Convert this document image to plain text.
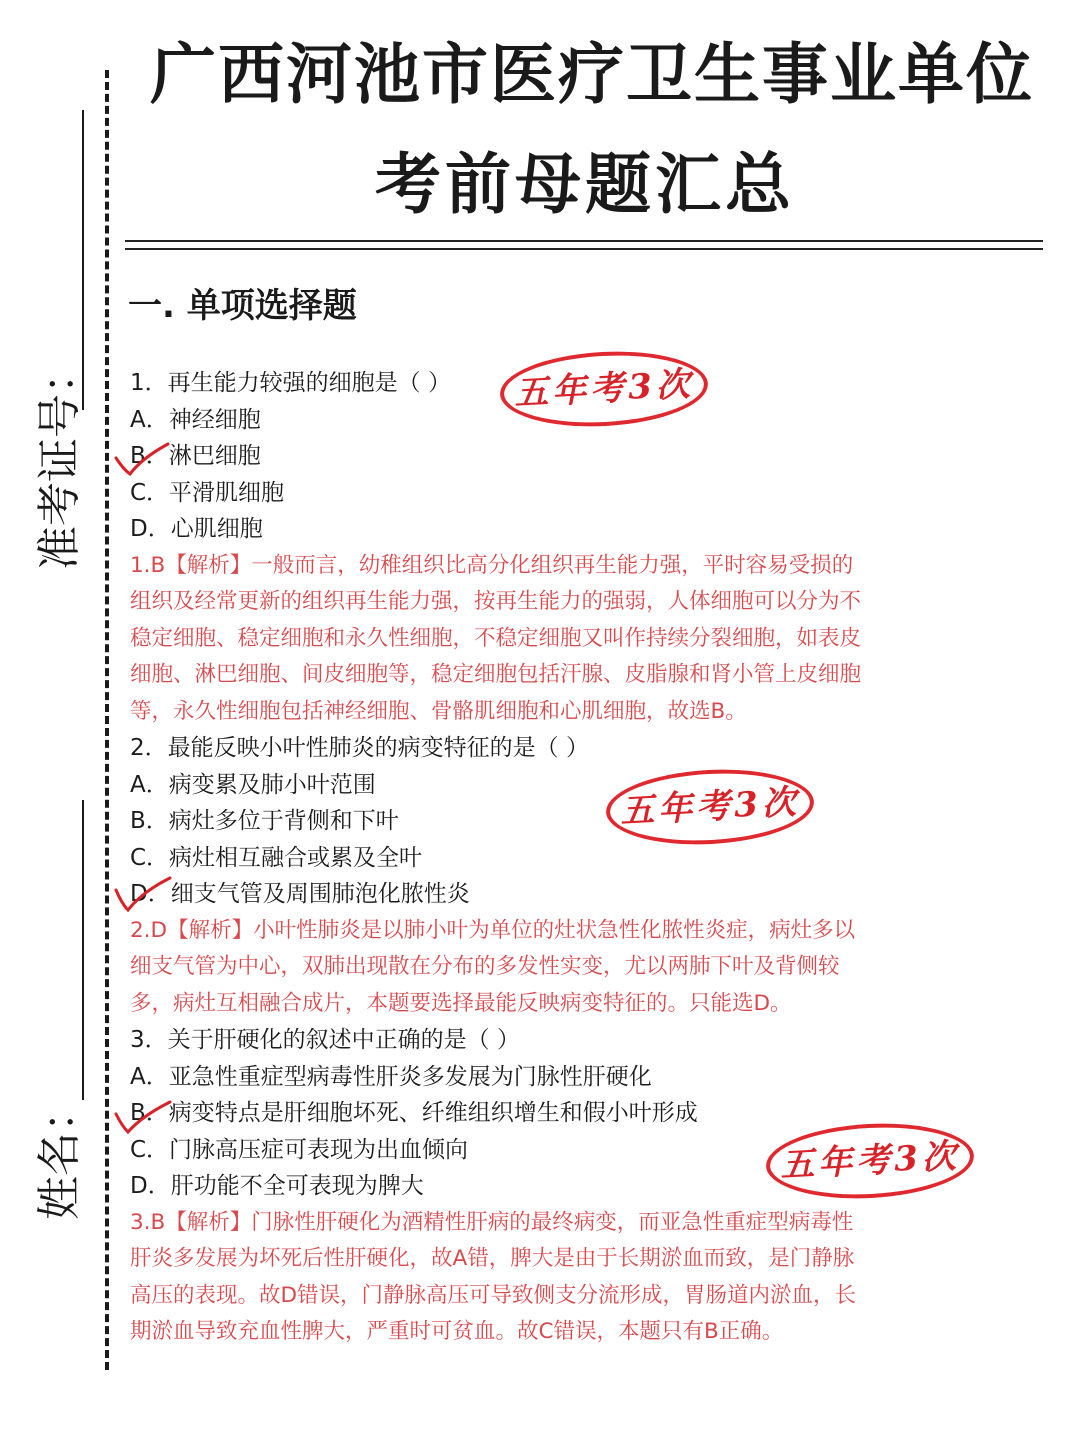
准考证号：
姓名：
广西河池市医疗卫生事业单位
考前母题汇总
一. 单项选择题
1．再生能力较强的细胞是（ ）
A．神经细胞
B．淋巴细胞
C．平滑肌细胞
D．心肌细胞
1.B【解析】一般而言，幼稚组织比高分化组织再生能力强，平时容易受损的
组织及经常更新的组织再生能力强，按再生能力的强弱，人体细胞可以分为不
稳定细胞、稳定细胞和永久性细胞，不稳定细胞又叫作持续分裂细胞，如表皮
细胞、淋巴细胞、间皮细胞等，稳定细胞包括汗腺、皮脂腺和肾小管上皮细胞
等，永久性细胞包括神经细胞、骨骼肌细胞和心肌细胞，故选B。
2．最能反映小叶性肺炎的病变特征的是（ ）
A．病变累及肺小叶范围
B．病灶多位于背侧和下叶
C．病灶相互融合或累及全叶
D．细支气管及周围肺泡化脓性炎
2.D【解析】小叶性肺炎是以肺小叶为单位的灶状急性化脓性炎症，病灶多以
细支气管为中心，双肺出现散在分布的多发性实变，尤以两肺下叶及背侧较
多，病灶互相融合成片，本题要选择最能反映病变特征的。只能选D。
3．关于肝硬化的叙述中正确的是（ ）
A．亚急性重症型病毒性肝炎多发展为门脉性肝硬化
B．病变特点是肝细胞坏死、纤维组织增生和假小叶形成
C．门脉高压症可表现为出血倾向
D．肝功能不全可表现为脾大
3.B【解析】门脉性肝硬化为酒精性肝病的最终病变，而亚急性重症型病毒性
肝炎多发展为坏死后性肝硬化，故A错，脾大是由于长期淤血而致，是门静脉
高压的表现。故D错误，门静脉高压可导致侧支分流形成，胃肠道内淤血，长
期淤血导致充血性脾大，严重时可贫血。故C错误，本题只有B正确。
五年考3次
五年考3次
五年考3次
